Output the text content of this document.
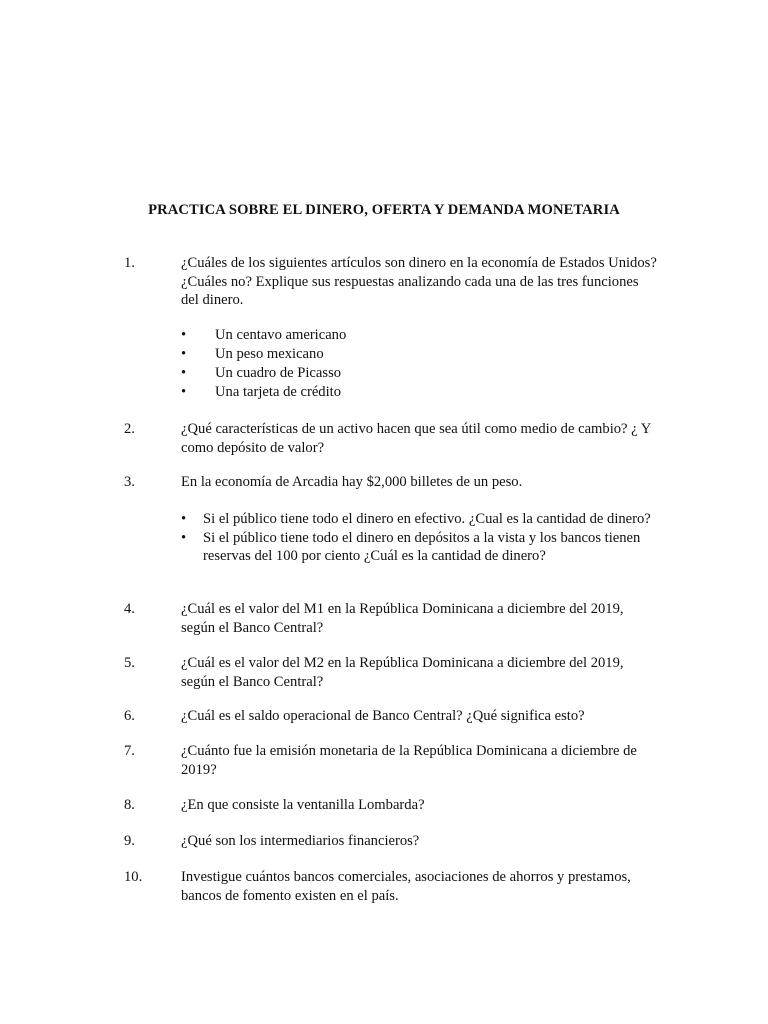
PRACTICA SOBRE EL DINERO, OFERTA Y DEMANDA MONETARIA
1.	¿Cuáles de los siguientes artículos son dinero en la economía de Estados Unidos? ¿Cuáles no? Explique sus respuestas analizando cada una de las tres funciones del dinero.
• Un centavo americano
• Un peso mexicano
• Un cuadro de Picasso
• Una tarjeta de crédito
2.	¿Qué características de un activo hacen que sea útil como medio de cambio? ¿ Y como depósito de valor?
3.	En la economía de Arcadia hay $2,000 billetes de un peso.
• Si el público tiene todo el dinero en efectivo. ¿Cual es la cantidad de dinero?
• Si el público tiene todo el dinero en depósitos a la vista y los bancos tienen reservas del 100 por ciento ¿Cuál es la cantidad de dinero?
4.	¿Cuál es el valor del M1 en la República Dominicana a diciembre del 2019, según el Banco Central?
5.	¿Cuál es el valor del M2 en la República Dominicana a diciembre del 2019, según el Banco Central?
6.	¿Cuál es el saldo operacional de Banco Central? ¿Qué significa esto?
7.	¿Cuánto fue la emisión monetaria de la República Dominicana a diciembre de 2019?
8.	¿En que consiste la ventanilla Lombarda?
9.	¿Qué son los intermediarios financieros?
10.	Investigue cuántos bancos comerciales, asociaciones de ahorros y prestamos, bancos de fomento existen en el país.
